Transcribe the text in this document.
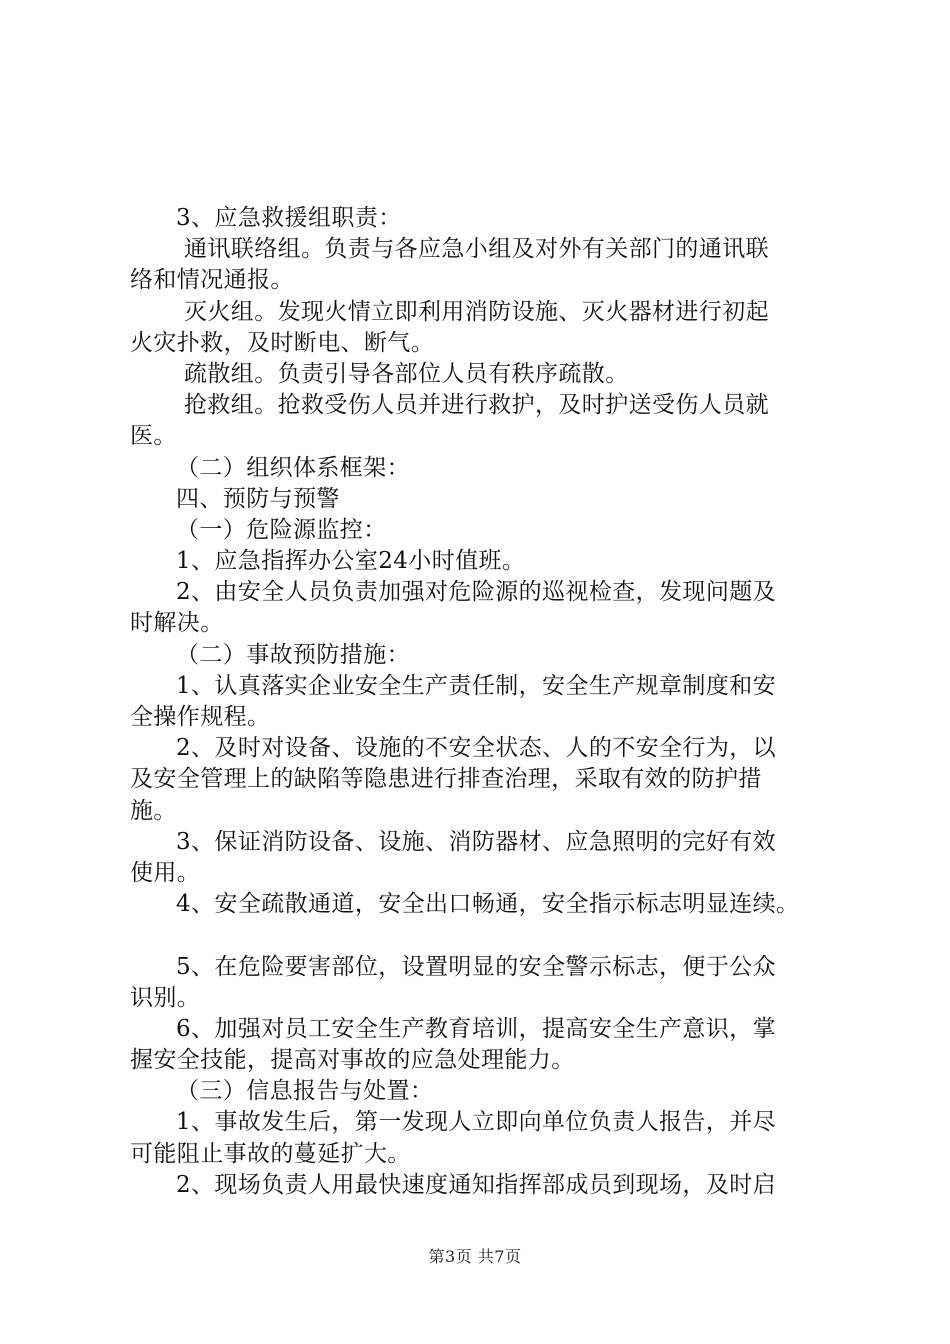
3、应急救援组职责：
通讯联络组。负责与各应急小组及对外有关部门的通讯联
络和情况通报。
灭火组。发现火情立即利用消防设施、灭火器材进行初起
火灾扑救，及时断电、断气。
疏散组。负责引导各部位人员有秩序疏散。
抢救组。抢救受伤人员并进行救护，及时护送受伤人员就
医。
（二）组织体系框架：
四、预防与预警
（一）危险源监控：
1、应急指挥办公室24小时值班。
2、由安全人员负责加强对危险源的巡视检查，发现问题及
时解决。
（二）事故预防措施：
1、认真落实企业安全生产责任制，安全生产规章制度和安
全操作规程。
2、及时对设备、设施的不安全状态、人的不安全行为，以
及安全管理上的缺陷等隐患进行排查治理，采取有效的防护措
施。
3、保证消防设备、设施、消防器材、应急照明的完好有效
使用。
4、安全疏散通道，安全出口畅通，安全指示标志明显连续。
5、在危险要害部位，设置明显的安全警示标志，便于公众
识别。
6、加强对员工安全生产教育培训，提高安全生产意识，掌
握安全技能，提高对事故的应急处理能力。
（三）信息报告与处置：
1、事故发生后，第一发现人立即向单位负责人报告，并尽
可能阻止事故的蔓延扩大。
2、现场负责人用最快速度通知指挥部成员到现场，及时启
第3页 共7页
